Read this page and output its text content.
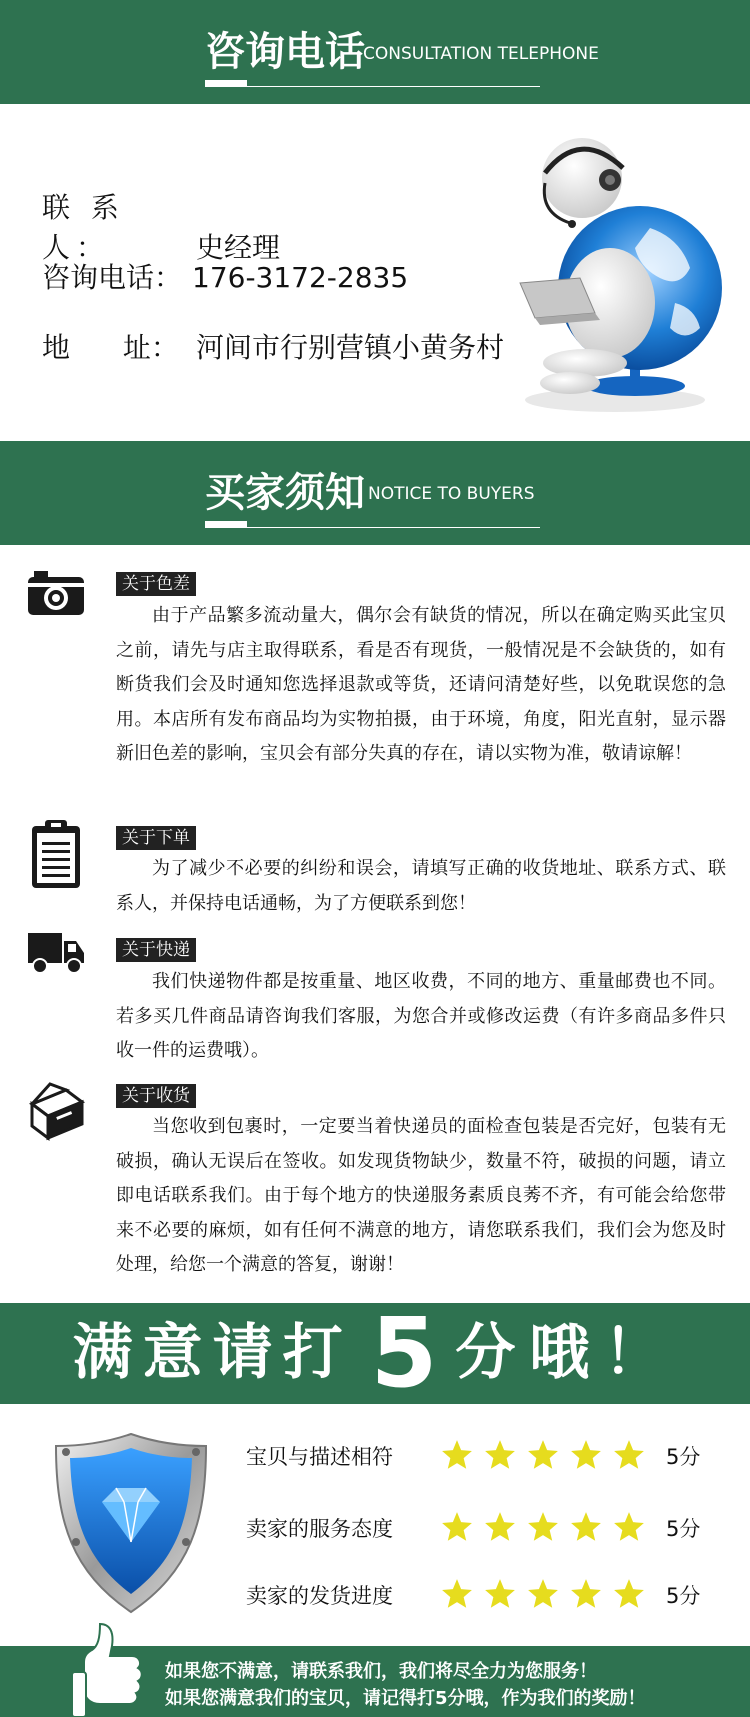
咨询电话
CONSULTATION TELEPHONE
联 系 人：	史经理
咨询电话： 176-3172-2835
地 址： 河间市行别营镇小黄务村
买家须知 NOTICE TO BUYERS
关于色差
由于产品繁多流动量大，偶尔会有缺货的情况，所以在确定购买此宝贝之前，请先与店主取得联系，看是否有现货，一般情况是不会缺货的，如有断货我们会及时通知您选择退款或等货，还请问清楚好些，以免耽误您的急用。本店所有发布商品均为实物拍摄，由于环境，角度，阳光直射，显示器新旧色差的影响，宝贝会有部分失真的存在，请以实物为准，敬请谅解！
关于下单
为了减少不必要的纠纷和误会，请填写正确的收货地址、联系方式、联系人，并保持电话通畅，为了方便联系到您！
关于快递
我们快递物件都是按重量、地区收费，不同的地方、重量邮费也不同。若多买几件商品请咨询我们客服，为您合并或修改运费（有许多商品多件只收一件的运费哦）。
关于收货
当您收到包裹时，一定要当着快递员的面检查包装是否完好，包装有无破损，确认无误后在签收。如发现货物缺少，数量不符，破损的问题，请立即电话联系我们。由于每个地方的快递服务素质良莠不齐，有可能会给您带来不必要的麻烦，如有任何不满意的地方，请您联系我们，我们会为您及时处理，给您一个满意的答复，谢谢！
满意请打 5 分哦！
宝贝与描述相符	5分
卖家的服务态度	5分
卖家的发货进度	5分
如果您不满意，请联系我们，我们将尽全力为您服务！
如果您满意我们的宝贝，请记得打5分哦，作为我们的奖励！
